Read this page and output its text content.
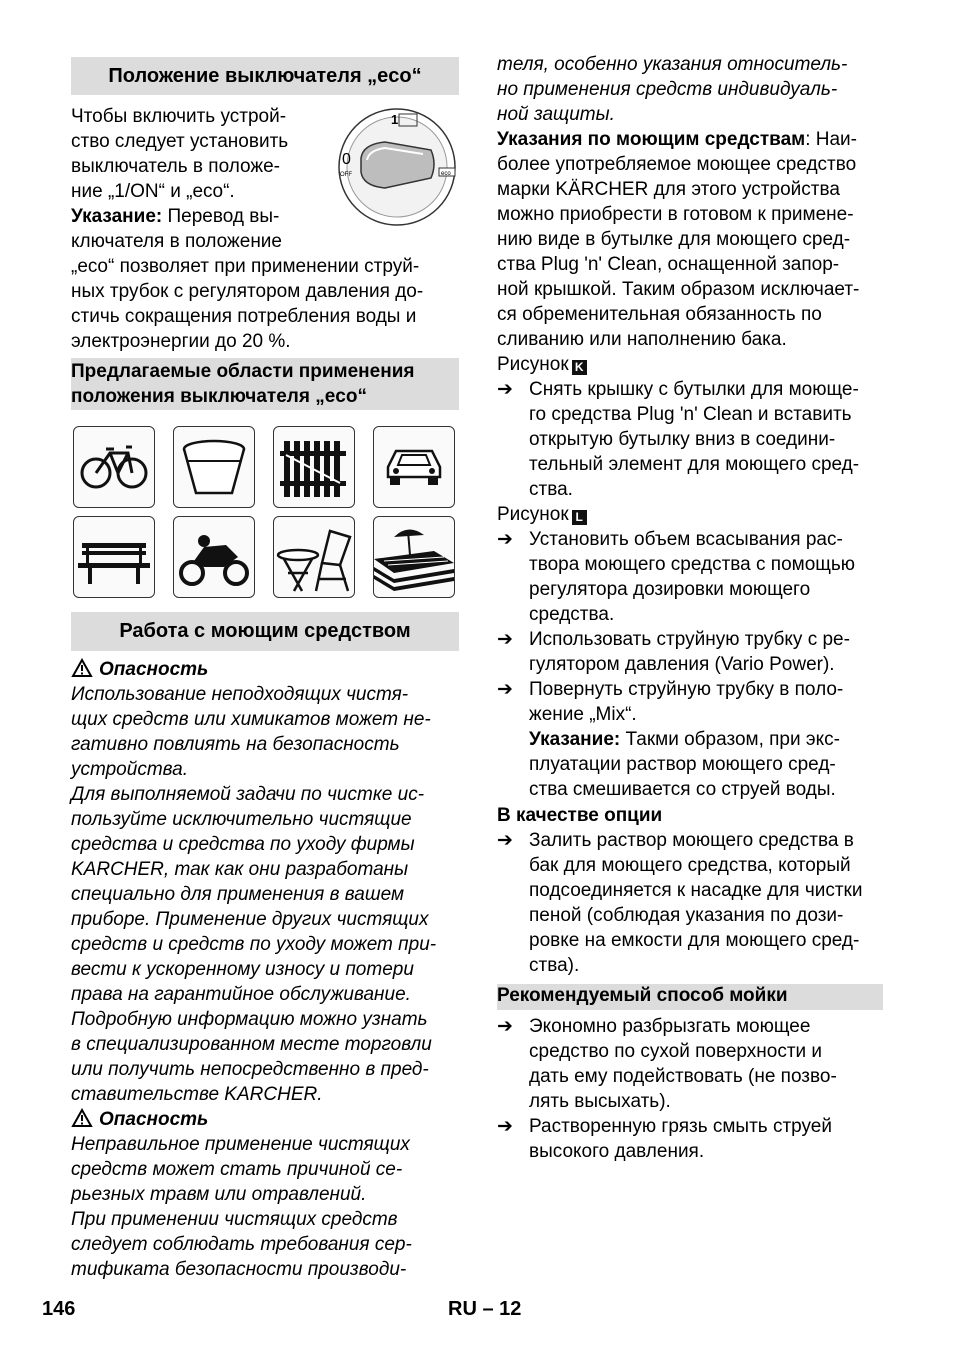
Положение выключателя „eco“
Чтобы включить устрой-
ство следует установить
выключатель в положе-
ние „1/ON“ и „eco“.
Указание: Перевод вы-
ключателя в положение
1
0
OFF	eco
„eco“ позволяет при применении струй-
ных трубок с регулятором давления до-
стичь сокращения потребления воды и
электроэнергии до 20 %.
Предлагаемые области применения
положения выключателя „eco“
Работа с моющим средством
Опасность
Использование неподходящих чистя-
щих средств или химикатов может не-
гативно повлиять на безопасность
устройства.
Для выполняемой задачи по чистке ис-
пользуйте исключительно чистящие
средства и средства по уходу фирмы
KARCHER, так как они разработаны
специально для применения в вашем
приборе. Применение других чистящих
средств и средств по уходу может при-
вести к ускоренному износу и потери
права на гарантийное обслуживание.
Подробную информацию можно узнать
в специализированном месте торговли
или получить непосредственно в пред-
ставительстве KARCHER.
Опасность
Неправильное применение чистящих
средств может стать причиной се-
рьезных травм или отравлений.
При применении чистящих средств
следует соблюдать требования сер-
тификата безопасности производи-
теля, особенно указания относитель-
но применения средств индивидуаль-
ной защиты.
Указания по моющим средствам: Наи-
более употребляемое моющее средство
марки KÄRCHER для этого устройства
можно приобрести в готовом к примене-
нию виде в бутылке для моющего сред-
ства Plug 'n' Clean, оснащенной запор-
ной крышкой. Таким образом исключает-
ся обременительная обязанность по
сливанию или наполнению бака.
Рисунок K
➔ Снять крышку с бутылки для моюще-
го средства Plug 'n' Clean и вставить
открытую бутылку вниз в соедини-
тельный элемент для моющего сред-
ства.
Рисунок L
➔ Установить объем всасывания рас-
твора моющего средства с помощью
регулятора дозировки моющего
средства.
➔ Использовать струйную трубку с ре-
гулятором давления (Vario Power).
➔ Повернуть струйную трубку в поло-
жение „Mix“.
Указание: Такми образом, при экс-
плуатации раствор моющего сред-
ства смешивается со струей воды.
В качестве опции
➔ Залить раствор моющего средства в
бак для моющего средства, который
подсоединяется к насадке для чистки
пеной (соблюдая указания по дози-
ровке на емкости для моющего сред-
ства).
Рекомендуемый способ мойки
➔ Экономно разбрызгать моющее
средство по сухой поверхности и
дать ему подействовать (не позво-
лять высыхать).
➔ Растворенную грязь смыть струей
высокого давления.
146	RU – 12
